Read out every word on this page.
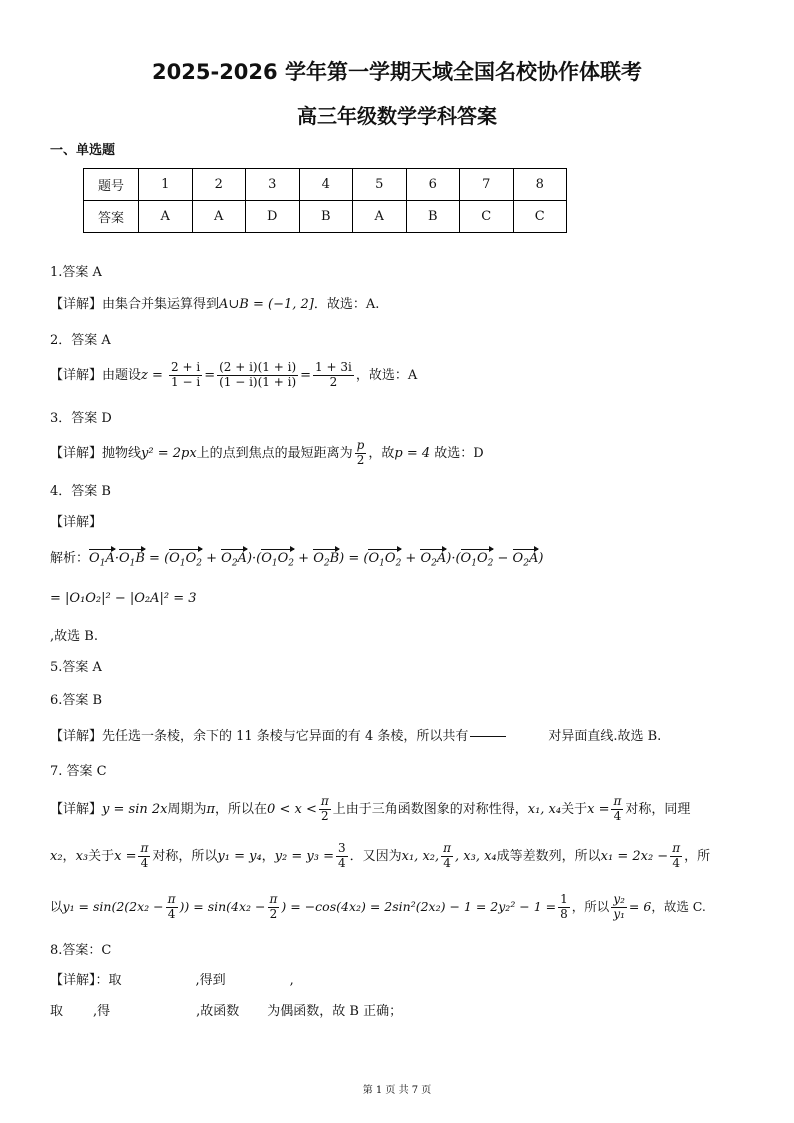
2025-2026 学年第一学期天域全国名校协作体联考
高三年级数学学科答案
一、单选题
题号	1	2	3	4	5	6	7	8
答案	A	A	D	B	A	B	C	C
1.答案 A
【详解】由集合并集运算得到A∪B = (−1, 2]．故选：A.
2．答案 A
【详解】由题设$z = \frac{2 + i}{1 - i} = \frac{(2 + i)(1 + i)}{(1 - i)(1 + i)} = \frac{1 + 3i}{2}$ ，故选：A
3．答案 D
【详解】抛物线y² = 2px上的点到焦点的最短距离为 $\frac{p}{2}$ ，故p = 4 故选：D
4．答案 B
【详解】
解析：$O_1A\cdot O_1B = (O_1O_2 + O_2A)\cdot(O_1O_2 + O_2B) = (O_1O_2 + O_2A)\cdot(O_1O_2 - O_2A)$
= |O₁O₂|² − |O₂A|² = 3
,故选 B.
5.答案 A
6.答案 B
【详解】先任选一条棱，余下的 11 条棱与它异面的有 4 条棱，所以共有	对异面直线.故选 B.
7. 答案 C
【详解】y = sin 2x周期为π，所以在$0 < x < \frac{\pi}{2}$ 上由于三角函数图象的对称性得，x₁, x₄关于$x = \frac{\pi}{4}$ 对称，同理
x₂，x₃关于$x = \frac{\pi}{4}$ 对称，所以y₁ = y₄，$y_2 = y_3 = \frac{3}{4}$ ．又因为x₁, x₂, $\frac{\pi}{4}$ , x₃, x₄成等差数列，所以$x_1 = 2x_2 - \frac{\pi}{4}$ ，所
以$y_1 = \sin(2(2x_2 - \frac{\pi}{4}$ )) = $\sin(4x_2 - \frac{\pi}{2}$ ) = $-\cos(4x_2) = 2\sin^2(2x_2) - 1 = 2y_2^2 - 1 = \frac{1}{8}$ ，所以 $\frac{\text{y₂}}{\text{y₁}} = 6$，故选 C.
8.答案：C
【详解】：取	,得到	,
取 ,得	,故函数 为偶函数，故 B 正确；
第 1 页 共 7 页
